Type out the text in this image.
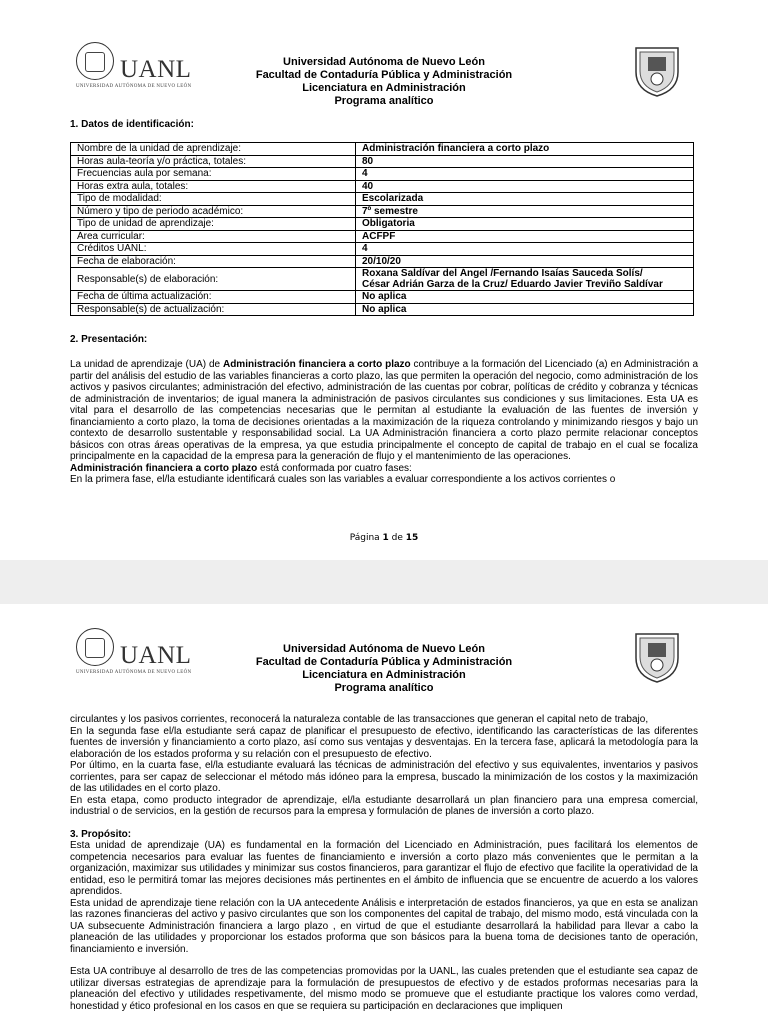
UANL
UNIVERSIDAD AUTÓNOMA DE NUEVO LEÓN
Universidad Autónoma de Nuevo León
Facultad de Contaduría Pública y Administración
Licenciatura en Administración
Programa analítico
1. Datos de identificación:
Nombre de la unidad de aprendizaje:	Administración financiera a corto plazo
Horas aula-teoría y/o práctica, totales:	80
Frecuencias aula por semana:	4
Horas extra aula, totales:	40
Tipo de modalidad:	Escolarizada
Número y tipo de periodo académico:	7º semestre
Tipo de unidad de aprendizaje:	Obligatoria
Área curricular:	ACFPF
Créditos UANL:	4
Fecha de elaboración:	20/10/20
Responsable(s) de elaboración:	Roxana Saldívar del Ángel /Fernando Isaías Sauceda Solís/
César Adrián Garza de la Cruz/ Eduardo Javier Treviño Saldívar

Fecha de última actualización:	No aplica
Responsable(s) de actualización:	No aplica
2. Presentación:

La unidad de aprendizaje (UA) de Administración financiera a corto plazo contribuye a la formación del Licenciado (a) en Administración a partir del análisis del estudio de las variables financieras a corto plazo, las que permiten la operación del negocio, como administración de los activos y pasivos circulantes; administración del efectivo, administración de las cuentas por cobrar, políticas de crédito y cobranza y técnicas de administración de inventarios; de igual manera la administración de pasivos circulantes sus condiciones y sus limitaciones. Esta UA es vital para el desarrollo de las competencias necesarias que le permitan al estudiante la evaluación de las fuentes de inversión y financiamiento a corto plazo, la toma de decisiones orientadas a la maximización de la riqueza controlando y minimizando riesgos y bajo un contexto de desarrollo sustentable y responsabilidad social. La UA Administración financiera a corto plazo permite relacionar conceptos básicos con otras áreas operativas de la empresa, ya que estudia principalmente el concepto de capital de trabajo en el cual se focaliza principalmente en la capacidad de la empresa para la generación de flujo y el mantenimiento de las operaciones.

Administración financiera a corto plazo está conformada por cuatro fases:

En la primera fase, el/la estudiante identificará cuales son las variables a evaluar correspondiente a los activos corrientes o

Página 1 de 15
UANL
UNIVERSIDAD AUTÓNOMA DE NUEVO LEÓN
Universidad Autónoma de Nuevo León
Facultad de Contaduría Pública y Administración
Licenciatura en Administración
Programa analítico

circulantes y los pasivos corrientes, reconocerá la naturaleza contable de las transacciones que generan el capital neto de trabajo,

En la segunda fase el/la estudiante será capaz de planificar el presupuesto de efectivo, identificando las características de las diferentes fuentes de inversión y financiamiento a corto plazo, así como sus ventajas y desventajas. En la tercera fase, aplicará la metodología para la elaboración de los estados proforma y su relación con el presupuesto de efectivo.

Por último, en la cuarta fase, el/la estudiante evaluará las técnicas de administración del efectivo y sus equivalentes, inventarios y pasivos corrientes, para ser capaz de seleccionar el método más idóneo para la empresa, buscado la minimización de los costos y la maximización de las utilidades en el corto plazo.

En esta etapa, como producto integrador de aprendizaje, el/la estudiante desarrollará un plan financiero para una empresa comercial, industrial o de servicios, en la gestión de recursos para la empresa y formulación de planes de inversión a corto plazo.

3. Propósito:

Esta unidad de aprendizaje (UA) es fundamental en la formación del Licenciado en Administración, pues facilitará los elementos de competencia necesarios para evaluar las fuentes de financiamiento e inversión a corto plazo más convenientes que le permitan a la organización, maximizar sus utilidades y minimizar sus costos financieros, para garantizar el flujo de efectivo que facilite la operatividad de la entidad, eso le permitirá tomar las mejores decisiones más pertinentes en el ámbito de influencia que se encuentre de acuerdo a los valores aprendidos.

Esta unidad de aprendizaje tiene relación con la UA antecedente Análisis e interpretación de estados financieros, ya que en esta se analizan las razones financieras del activo y pasivo circulantes que son los componentes del capital de trabajo, del mismo modo, está vinculada con la UA subsecuente Administración financiera a largo plazo , en virtud de que el estudiante desarrollará la habilidad para llevar a cabo la planeación de las utilidades y proporcionar los estados proforma que son básicos para la buena toma de decisiones tanto de operación, financiamiento e inversión.

Esta UA contribuye al desarrollo de tres de las competencias promovidas por la UANL, las cuales pretenden que el estudiante sea capaz de utilizar diversas estrategias de aprendizaje para la formulación de presupuestos de efectivo y de estados proformas necesarias para la planeación del efectivo y utilidades respetivamente, del mismo modo se promueve que el estudiante practique los valores como verdad, honestidad y ético profesional en los casos en que se requiera su participación en declaraciones que impliquen
